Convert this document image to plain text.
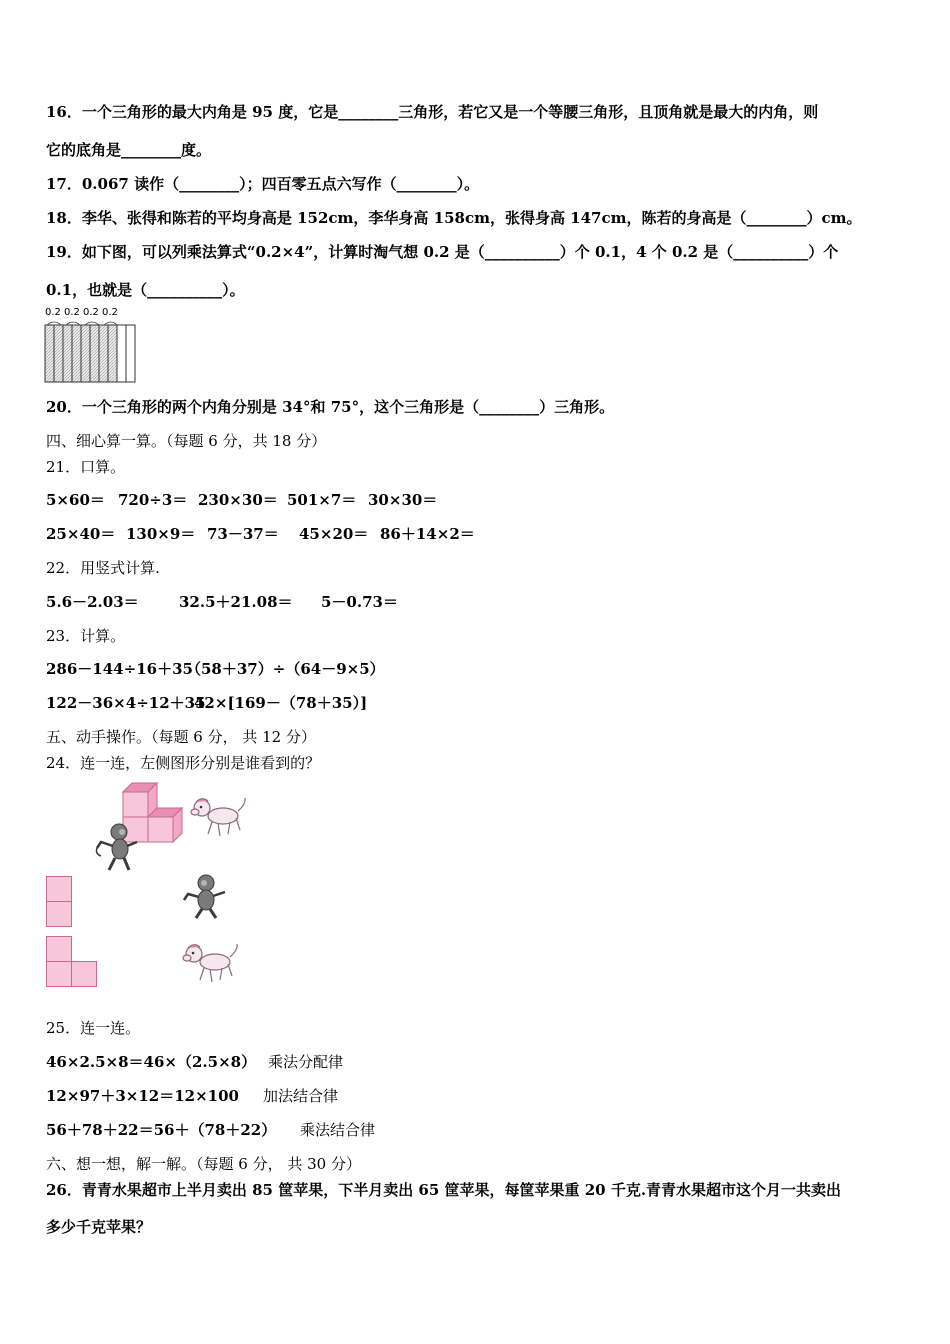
16．一个三角形的最大内角是 95 度，它是________三角形，若它又是一个等腰三角形，且顶角就是最大的内角，则
它的底角是________度。
17．0.067 读作（________）；四百零五点六写作（________）。
18．李华、张得和陈若的平均身高是 152cm，李华身高 158cm，张得身高 147cm，陈若的身高是（________）cm。
19．如下图，可以列乘法算式“0.2×4”，计算时淘气想 0.2 是（__________）个 0.1，4 个 0.2 是（__________）个
0.1，也就是（__________）。
0.2 0.2 0.2 0.2
20．一个三角形的两个内角分别是 34°和 75°，这个三角形是（________）三角形。
四、细心算一算。（每题 6 分，共 18 分）
21．口算。
5×60＝ 720÷3＝ 230×30＝ 501×7＝ 30×30＝
25×40＝ 130×9＝ 73－37＝ 45×20＝ 86＋14×2＝
22．用竖式计算.
5.6－2.03＝	32.5＋21.08＝ 5－0.73＝
23．计算。
286－144÷16＋35
（58＋37）÷（64－9×5）
122－36×4÷12＋35
42×[169－（78＋35）]
五、动手操作。（每题 6 分， 共 12 分）
24．连一连，左侧图形分别是谁看到的？
25．连一连。
46×2.5×8＝46×（2.5×8） 乘法分配律
12×97＋3×12＝12×100 加法结合律
56＋78＋22＝56＋（78＋22） 乘法结合律
六、想一想，解一解。（每题 6 分， 共 30 分）
26．青青水果超市上半月卖出 85 筐苹果，下半月卖出 65 筐苹果，每筐苹果重 20 千克.青青水果超市这个月一共卖出
多少千克苹果？
